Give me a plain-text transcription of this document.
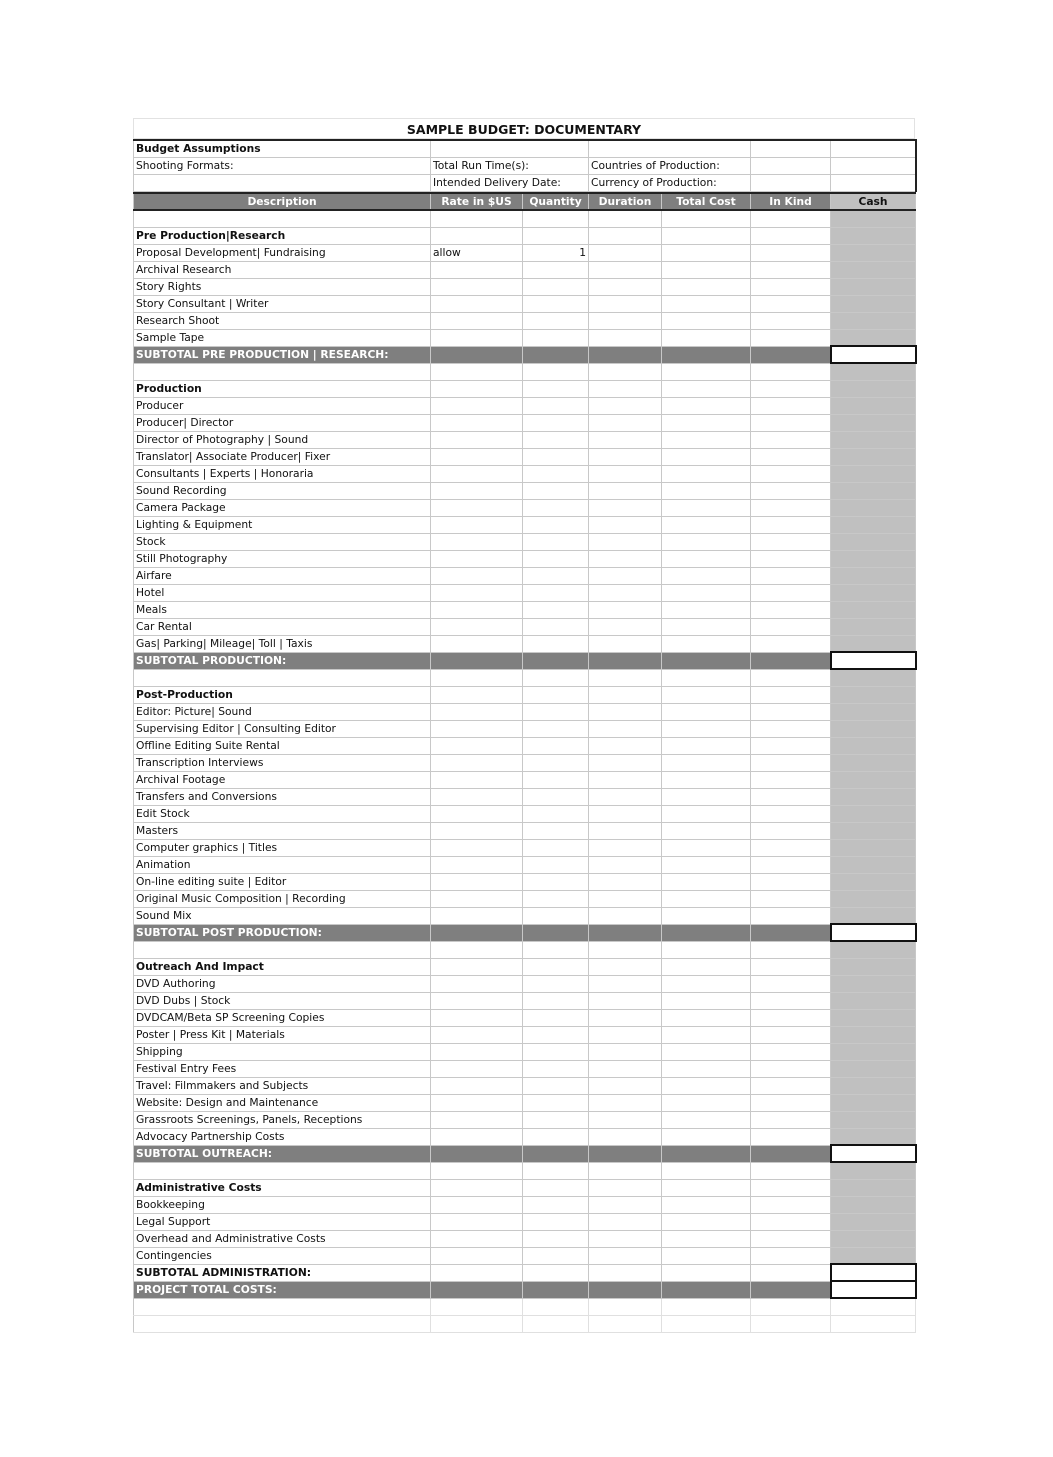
SAMPLE BUDGET: DOCUMENTARY
Budget Assumptions				
Shooting Formats:	Total Run Time(s):	Countries of Production:		
	Intended Delivery Date:	Currency of Production:		
Description	Rate in $US	Quantity	Duration	Total Cost	In Kind	Cash

Pre Production|Research						
Proposal Development| Fundraising	allow	1				
Archival Research						
Story Rights						
Story Consultant | Writer						
Research Shoot						
Sample Tape						
SUBTOTAL PRE PRODUCTION | RESEARCH:						

Production						
Producer						
Producer| Director						
Director of Photography | Sound						
Translator| Associate Producer| Fixer						
Consultants | Experts | Honoraria						
Sound Recording						
Camera Package						
Lighting & Equipment						
Stock						
Still Photography						
Airfare						
Hotel						
Meals						
Car Rental						
Gas| Parking| Mileage| Toll | Taxis						
SUBTOTAL PRODUCTION:						

Post-Production						
Editor: Picture| Sound						
Supervising Editor | Consulting Editor						
Offline Editing Suite Rental						
Transcription Interviews						
Archival Footage						
Transfers and Conversions						
Edit Stock						
Masters						
Computer graphics | Titles						
Animation						
On-line editing suite | Editor						
Original Music Composition | Recording						
Sound Mix						
SUBTOTAL POST PRODUCTION:						

Outreach And Impact						
DVD Authoring						
DVD Dubs | Stock						
DVDCAM/Beta SP Screening Copies						
Poster | Press Kit | Materials						
Shipping						
Festival Entry Fees						
Travel: Filmmakers and Subjects						
Website: Design and Maintenance						
Grassroots Screenings, Panels, Receptions						
Advocacy Partnership Costs						
SUBTOTAL OUTREACH:						

Administrative Costs						
Bookkeeping						
Legal Support						
Overhead and Administrative Costs						
Contingencies						
SUBTOTAL ADMINISTRATION:						
PROJECT TOTAL COSTS:						
